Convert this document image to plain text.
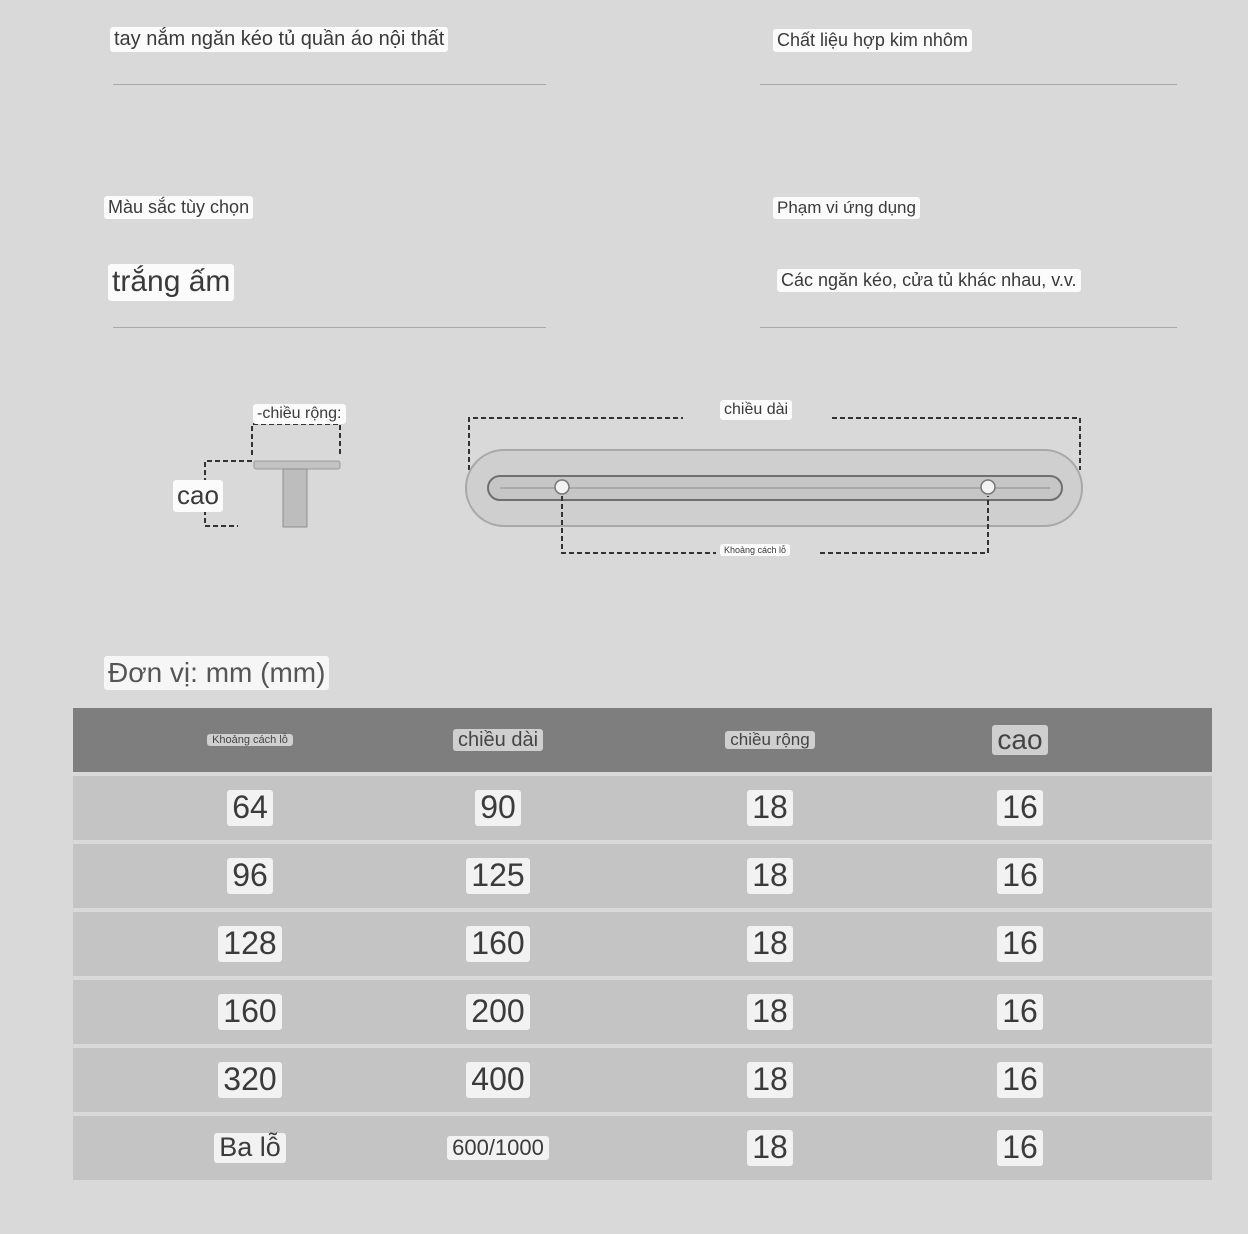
tay nắm ngăn kéo tủ quần áo nội thất	Chất liệu hợp kim nhôm
Màu sắc tùy chọn
trắng ấm
Phạm vi ứng dụng
Các ngăn kéo, cửa tủ khác nhau, v.v.
-chiều rộng:
cao
chiều dài
Khoảng cách lỗ
Đơn vị: mm (mm)
Khoảng cách lỗ	chiều dài	chiều rộng	cao
64	90	18	16
96	125	18	16
128	160	18	16
160	200	18	16
320	400	18	16
Ba lỗ	600/1000	18	16
